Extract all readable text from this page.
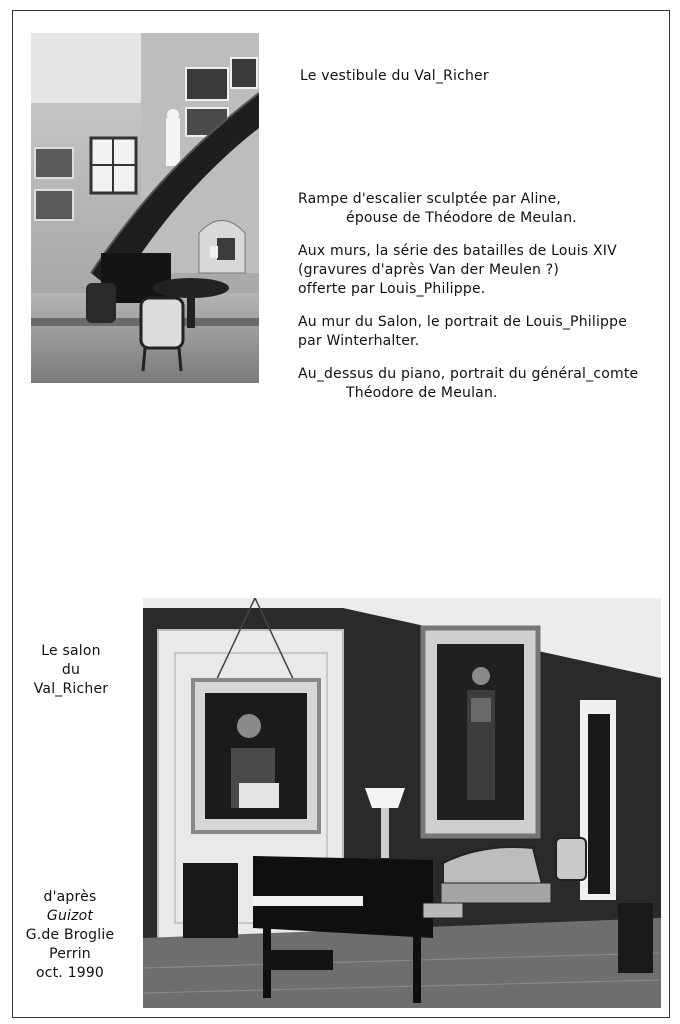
Le vestibule du Val_Richer

Rampe d'escalier sculptée par Aline,

épouse de Théodore de Meulan.

Aux murs, la série des batailles de Louis XIV

(gravures d'après Van der Meulen ?)

offerte par Louis_Philippe.

Au mur du Salon, le portrait de Louis_Philippe

par Winterhalter.

Au_dessus du piano, portrait du général_comte

Théodore de Meulan.

Le salon

du

Val_Richer

d'après

Guizot

G.de Broglie

Perrin

oct. 1990
